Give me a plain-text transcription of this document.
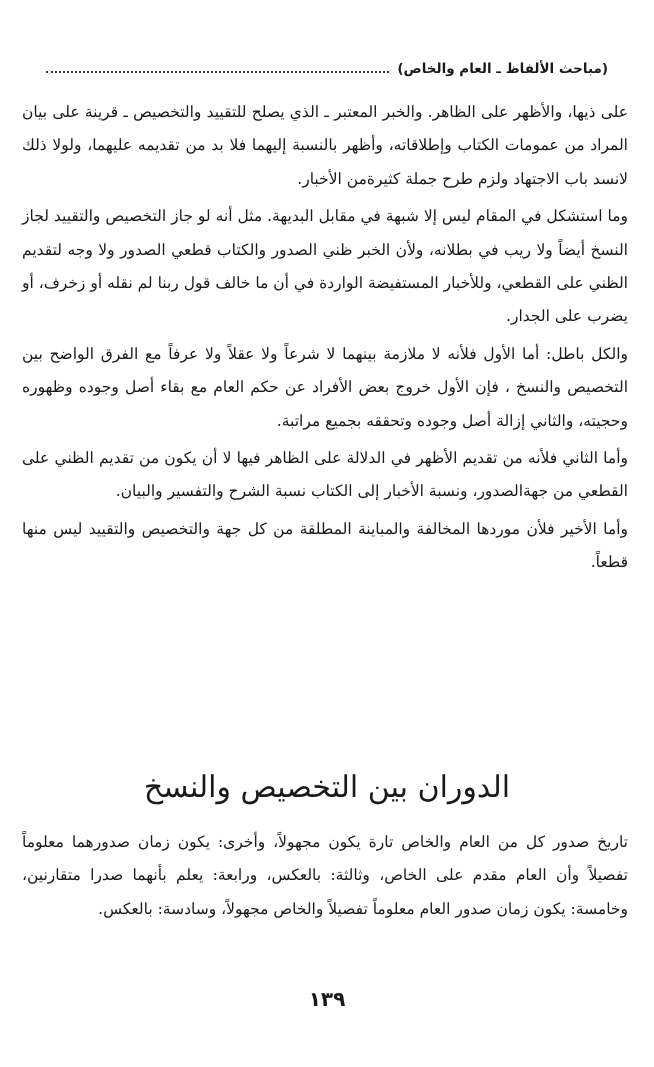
(مباحث الألفاظ ـ العام والخاص)

على ذيها، والأظهر على الظاهر. والخبر المعتبر ـ الذي يصلح للتقييد والتخصيص ـ قرينة على بيان المراد من عمومات الكتاب وإطلاقاته، وأظهر بالنسبة إليهما فلا بد من تقديمه عليهما، ولولا ذلك لانسد باب الاجتهاد ولزم طرح جملة كثيرةمن الأخبار.

وما استشكل في المقام ليس إلا شبهة في مقابل البديهة. مثل أنه لو جاز التخصيص والتقييد لجاز النسخ أيضاً ولا ريب في بطلانه، ولأن الخبر ظني الصدور والكتاب قطعي الصدور ولا وجه لتقديم الظني على القطعي، وللأخبار المستفيضة الواردة في أن ما خالف قول ربنا لم نقله أو زخرف، أو يضرب على الجدار.

والكل باطل: أما الأول فلأنه لا ملازمة بينهما لا شرعاً ولا عقلاً ولا عرفاً مع الفرق الواضح بين التخصيص والنسخ ، فإن الأول خروج بعض الأفراد عن حكم العام مع بقاء أصل وجوده وظهوره وحجيته، والثاني إزالة أصل وجوده وتحققه بجميع مراتبة.

وأما الثاني فلأنه من تقديم الأظهر في الدلالة على الظاهر فيها لا أن يكون من تقديم الظني على القطعي من جهةالصدور، ونسبة الأخبار إلى الكتاب نسبة الشرح والتفسير والبيان.

وأما الأخير فلأن موردها المخالفة والمباينة المطلقة من كل جهة والتخصيص والتقييد ليس منها قطعاً.

الدوران بين التخصيص والنسخ

تاريخ صدور كل من العام والخاص تارة يكون مجهولاً، وأخرى: يكون زمان صدورهما معلوماً تفصيلاً وأن العام مقدم على الخاص، وثالثة: بالعكس، ورابعة: يعلم بأنهما صدرا متقارنين، وخامسة: يكون زمان صدور العام معلوماً تفصيلاً والخاص مجهولاً، وسادسة: بالعكس.

١٣٩
